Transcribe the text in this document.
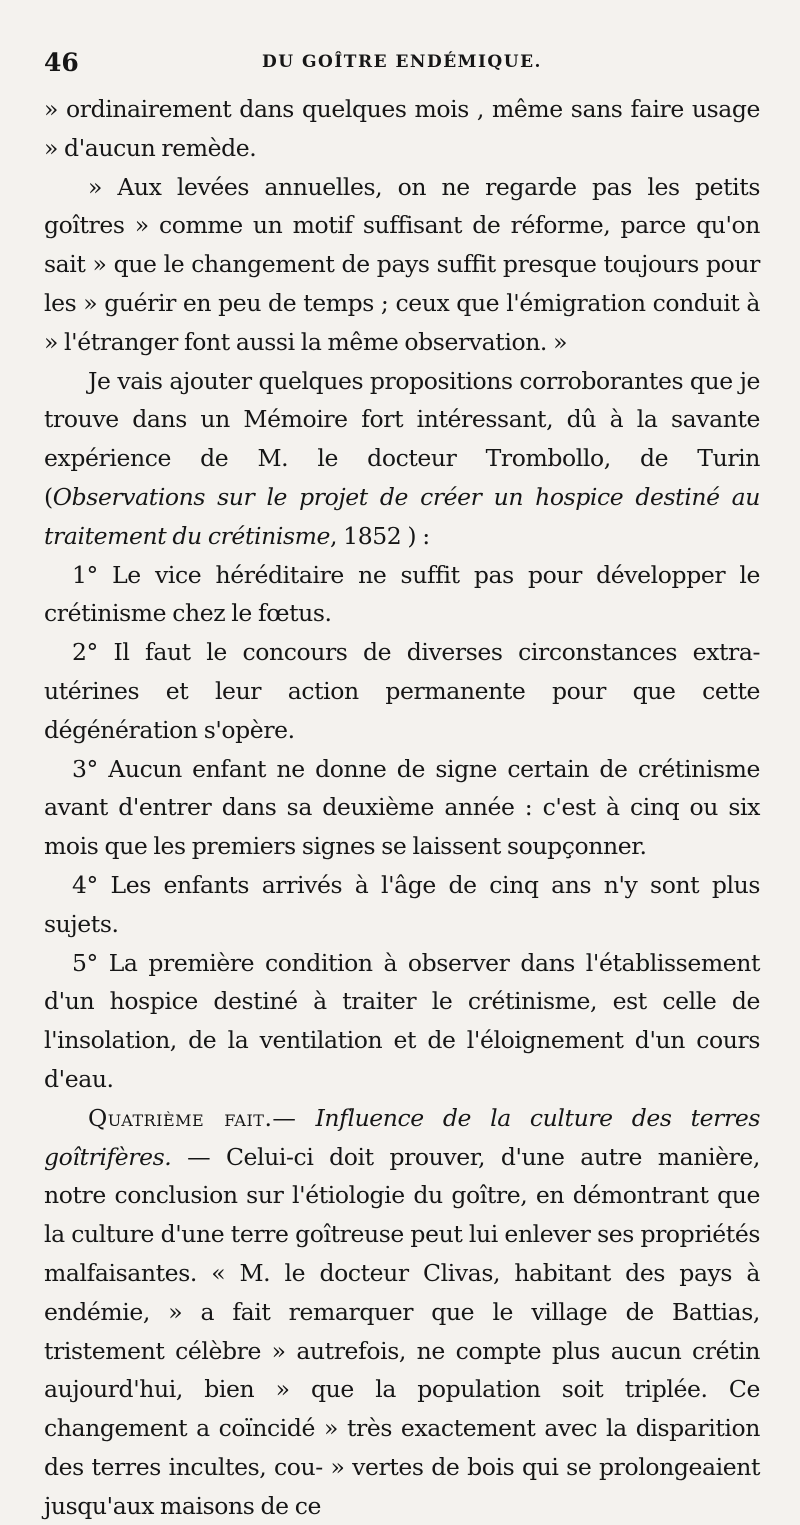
46	DU GOÎTRE ENDÉMIQUE.

» ordinairement dans quelques mois , même sans faire usage » d'aucun remède.

» Aux levées annuelles, on ne regarde pas les petits goîtres » comme un motif suffisant de réforme, parce qu'on sait » que le changement de pays suffit presque toujours pour les » guérir en peu de temps ; ceux que l'émigration conduit à » l'étranger font aussi la même observation. »

Je vais ajouter quelques propositions corroborantes que je trouve dans un Mémoire fort intéressant, dû à la savante expérience de M. le docteur Trombollo, de Turin (Observations sur le projet de créer un hospice destiné au traitement du crétinisme, 1852 ) :

1° Le vice héréditaire ne suffit pas pour développer le crétinisme chez le fœtus.

2° Il faut le concours de diverses circonstances extra-utérines et leur action permanente pour que cette dégénération s'opère.

3° Aucun enfant ne donne de signe certain de crétinisme avant d'entrer dans sa deuxième année : c'est à cinq ou six mois que les premiers signes se laissent soupçonner.

4° Les enfants arrivés à l'âge de cinq ans n'y sont plus sujets.

5° La première condition à observer dans l'établissement d'un hospice destiné à traiter le crétinisme, est celle de l'insolation, de la ventilation et de l'éloignement d'un cours d'eau.

Quatrième fait.— Influence de la culture des terres goîtrifères. — Celui-ci doit prouver, d'une autre manière, notre conclusion sur l'étiologie du goître, en démontrant que la culture d'une terre goîtreuse peut lui enlever ses propriétés malfaisantes. « M. le docteur Clivas, habitant des pays à endémie, » a fait remarquer que le village de Battias, tristement célèbre » autrefois, ne compte plus aucun crétin aujourd'hui, bien » que la population soit triplée. Ce changement a coïncidé » très exactement avec la disparition des terres incultes, cou- » vertes de bois qui se prolongeaient jusqu'aux maisons de ce
